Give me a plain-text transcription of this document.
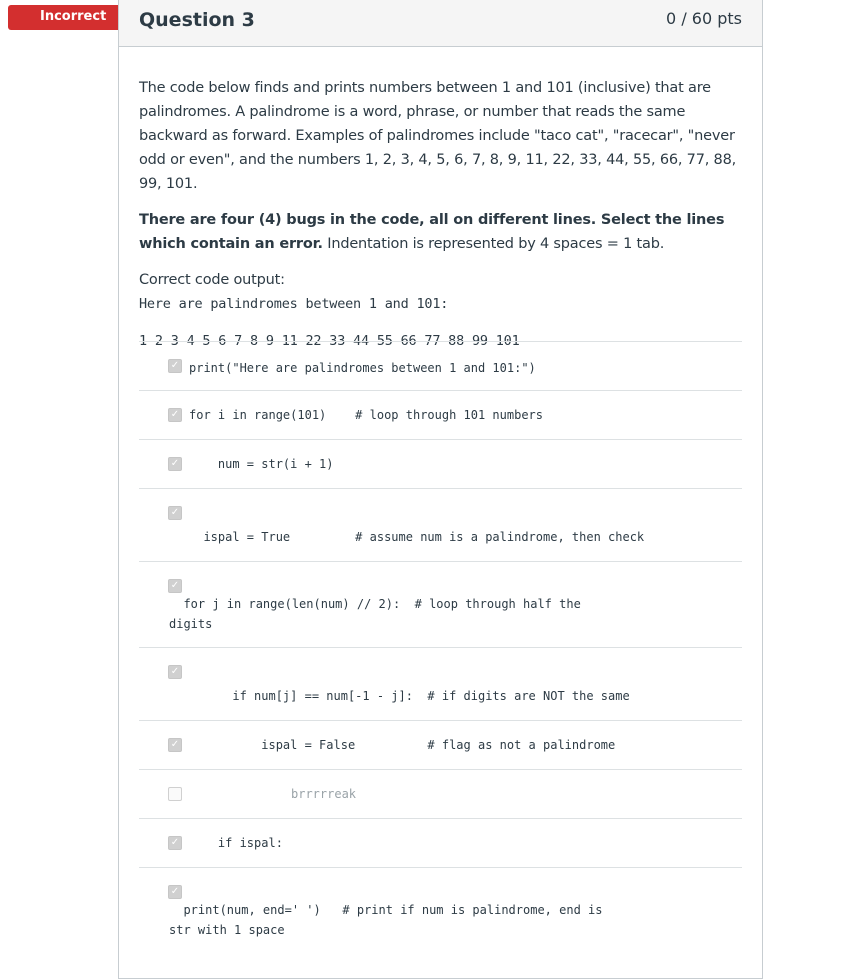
Incorrect	Question 3	0 / 60 pts

The code below finds and prints numbers between 1 and 101 (inclusive) that are palindromes. A palindrome is a word, phrase, or number that reads the same backward as forward. Examples of palindromes include "taco cat", "racecar", "never odd or even", and the numbers 1, 2, 3, 4, 5, 6, 7, 8, 9, 11, 22, 33, 44, 55, 66, 77, 88, 99, 101.

There are four (4) bugs in the code, all on different lines. Select the lines which contain an error. Indentation is represented by 4 spaces = 1 tab.

Correct code output:

Here are palindromes between 1 and 101:

1 2 3 4 5 6 7 8 9 11 22 33 44 55 66 77 88 99 101

✓ print("Here are palindromes between 1 and 101:")
✓ for i in range(101)    # loop through 101 numbers
✓ num = str(i + 1)
✓
ispal = True         # assume num is a palindrome, then check
✓
for j in range(len(num) // 2):  # loop through half the
digits
✓
if num[j] == num[-1 - j]:  # if digits are NOT the same
✓ ispal = False          # flag as not a palindrome
brrrrreak
✓ if ispal:
✓
print(num, end=' ')   # print if num is palindrome, end is
str with 1 space
